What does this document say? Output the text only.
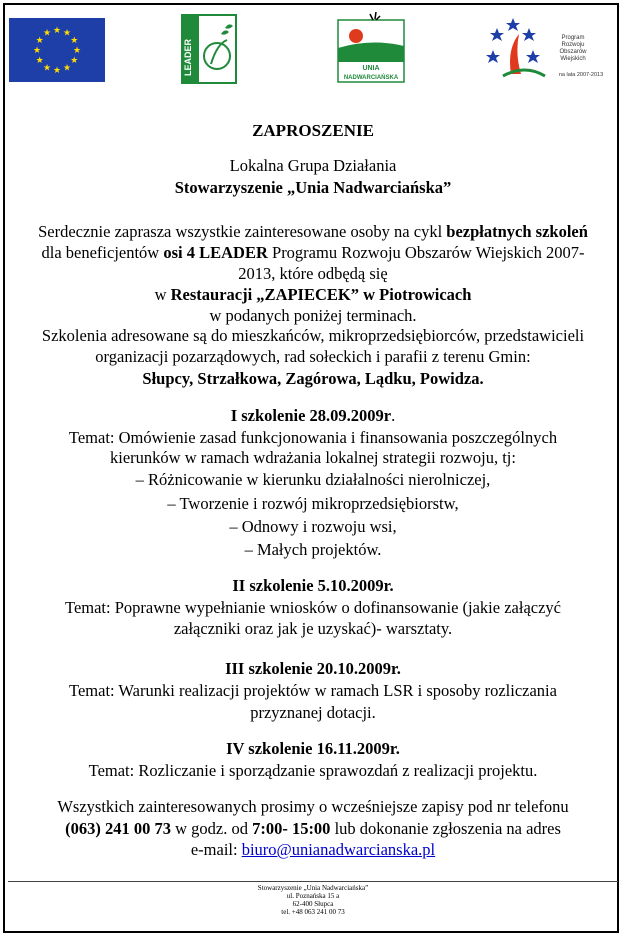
★ ★
★
★
★
★
★
★
★
★
★
★
LEADER	UNIA
NADWARCIAŃSKA
Program
Rozwoju
Obszarów
Wiejskich
na lata 2007-2013
ZAPROSZENIE

Lokalna Grupa Działania

Stowarzyszenie „Unia Nadwarciańska”

Serdecznie zaprasza wszystkie zainteresowane osoby na cykl bezpłatnych szkoleń

dla beneficjentów osi 4 LEADER Programu Rozwoju Obszarów Wiejskich 2007-

2013, które odbędą się

w Restauracji „ZAPIECEK” w Piotrowicach

w podanych poniżej terminach.

Szkolenia adresowane są do mieszkańców, mikroprzedsiębiorców, przedstawicieli

organizacji pozarządowych, rad sołeckich i parafii z terenu Gmin:

Słupcy, Strzałkowa, Zagórowa, Lądku, Powidza.

I szkolenie 28.09.2009r.

Temat: Omówienie zasad funkcjonowania i finansowania poszczególnych

kierunków w ramach wdrażania lokalnej strategii rozwoju, tj:

– Różnicowanie w kierunku działalności nierolniczej,

– Tworzenie i rozwój mikroprzedsiębiorstw,

– Odnowy i rozwoju wsi,

– Małych projektów.

II szkolenie 5.10.2009r.

Temat: Poprawne wypełnianie wniosków o dofinansowanie (jakie załączyć

załączniki oraz jak je uzyskać)- warsztaty.

III szkolenie 20.10.2009r.

Temat: Warunki realizacji projektów w ramach LSR i sposoby rozliczania

przyznanej dotacji.

IV szkolenie 16.11.2009r.

Temat: Rozliczanie i sporządzanie sprawozdań z realizacji projektu.

Wszystkich zainteresowanych prosimy o wcześniejsze zapisy pod nr telefonu

(063) 241 00 73 w godz. od 7:00- 15:00 lub dokonanie zgłoszenia na adres

e-mail: biuro@unianadwarcianska.pl

Stowarzyszenie „Unia Nadwarciańska”
ul. Poznańska 15 a
62-400 Słupca
tel. +48 063 241 00 73
